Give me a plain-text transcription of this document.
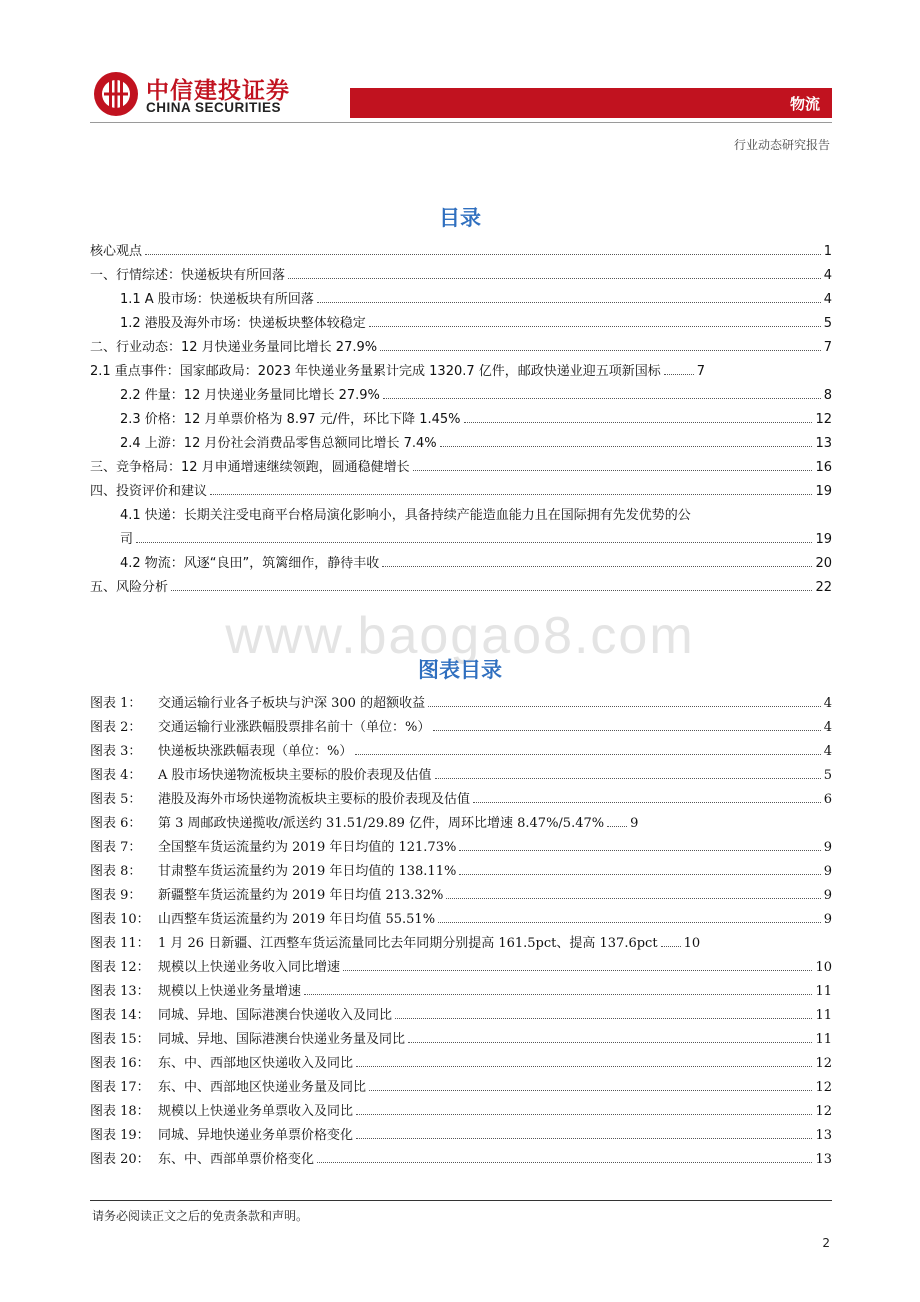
中信建投证券
CHINA SECURITIES	物流
行业动态研究报告
目录
核心观点	1
一、行情综述：快递板块有所回落	4
1.1 A 股市场：快递板块有所回落	4
1.2 港股及海外市场：快递板块整体较稳定	5
二、行业动态：12 月快递业务量同比增长 27.9%	7
2.1 重点事件：国家邮政局：2023 年快递业务量累计完成 1320.7 亿件，邮政快递业迎五项新国标	7
2.2 件量：12 月快递业务量同比增长 27.9%	8
2.3 价格：12 月单票价格为 8.97 元/件，环比下降 1.45%	12
2.4 上游：12 月份社会消费品零售总额同比增长 7.4%	13
三、竞争格局：12 月申通增速继续领跑，圆通稳健增长	16
四、投资评价和建议	19
4.1 快递：长期关注受电商平台格局演化影响小，具备持续产能造血能力且在国际拥有先发优势的公
司	19
4.2 物流：风逐“良田”，筑篱细作，静待丰收	20
五、风险分析	22
www.baogao8.com
图表目录
图表 1：	交通运输行业各子板块与沪深 300 的超额收益	4
图表 2：	交通运输行业涨跌幅股票排名前十（单位：%）	4
图表 3：	快递板块涨跌幅表现（单位：%）	4
图表 4：	A 股市场快递物流板块主要标的股价表现及估值	5
图表 5：	港股及海外市场快递物流板块主要标的股价表现及估值	6
图表 6：	第 3 周邮政快递揽收/派送约 31.51/29.89 亿件，周环比增速 8.47%/5.47% 9
图表 7：	全国整车货运流量约为 2019 年日均值的 121.73%	9
图表 8：	甘肃整车货运流量约为 2019 年日均值的 138.11%	9
图表 9：	新疆整车货运流量约为 2019 年日均值 213.32%	9
图表 10： 山西整车货运流量约为 2019 年日均值 55.51%	9
图表 11： 1 月 26 日新疆、江西整车货运流量同比去年同期分别提高 161.5pct、提高 137.6pct 10
图表 12： 规模以上快递业务收入同比增速	10
图表 13： 规模以上快递业务量增速	11
图表 14： 同城、异地、国际港澳台快递收入及同比	11
图表 15： 同城、异地、国际港澳台快递业务量及同比	11
图表 16： 东、中、西部地区快递收入及同比	12
图表 17： 东、中、西部地区快递业务量及同比	12
图表 18： 规模以上快递业务单票收入及同比	12
图表 19： 同城、异地快递业务单票价格变化	13
图表 20： 东、中、西部单票价格变化	13
请务必阅读正文之后的免责条款和声明。
2
